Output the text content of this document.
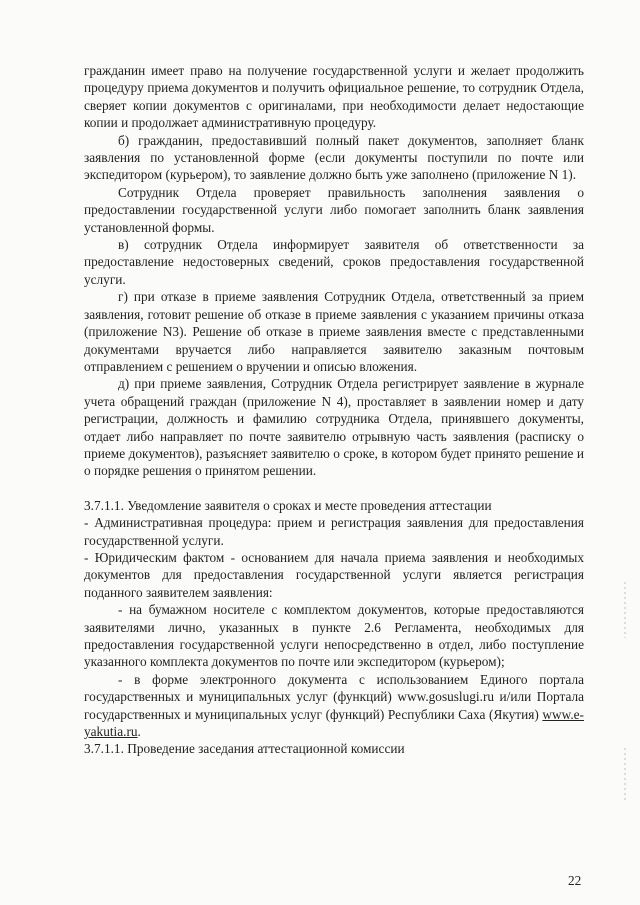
гражданин имеет право на получение государственной услуги и желает продолжить процедуру приема документов и получить официальное решение, то сотрудник Отдела, сверяет копии документов с оригиналами, при необходимости делает недостающие копии и продолжает административную процедуру.

б) гражданин, предоставивший полный пакет документов, заполняет бланк заявления по установленной форме (если документы поступили по почте или экспедитором (курьером), то заявление должно быть уже заполнено (приложение N 1).

Сотрудник Отдела проверяет правильность заполнения заявления о предоставлении государственной услуги либо помогает заполнить бланк заявления установленной формы.

в) сотрудник Отдела информирует заявителя об ответственности за предоставление недостоверных сведений, сроков предоставления государственной услуги.

г) при отказе в приеме заявления Сотрудник Отдела, ответственный за прием заявления, готовит решение об отказе в приеме заявления с указанием причины отказа (приложение N3). Решение об отказе в приеме заявления вместе с представленными документами вручается либо направляется заявителю заказным почтовым отправлением с решением о вручении и описью вложения.

д) при приеме заявления, Сотрудник Отдела регистрирует заявление в журнале учета обращений граждан (приложение N 4), проставляет в заявлении номер и дату регистрации, должность и фамилию сотрудника Отдела, принявшего документы, отдает либо направляет по почте заявителю отрывную часть заявления (расписку о приеме документов), разъясняет заявителю о сроке, в котором будет принято решение и о порядке решения о принятом решении.

3.7.1.1. Уведомление заявителя о сроках и месте проведения аттестации

- Административная процедура: прием и регистрация заявления для предоставления государственной услуги.

- Юридическим фактом - основанием для начала приема заявления и необходимых документов для предоставления государственной услуги является регистрация поданного заявителем заявления:

- на бумажном носителе с комплектом документов, которые предоставляются заявителями лично, указанных в пункте 2.6 Регламента, необходимых для предоставления государственной услуги непосредственно в отдел, либо поступление указанного комплекта документов по почте или экспедитором (курьером);

- в форме электронного документа с использованием Единого портала государственных и муниципальных услуг (функций) www.gosuslugi.ru и/или Портала государственных и муниципальных услуг (функций) Республики Саха (Якутия) www.e-yakutia.ru.

3.7.1.1. Проведение заседания аттестационной комиссии

22
